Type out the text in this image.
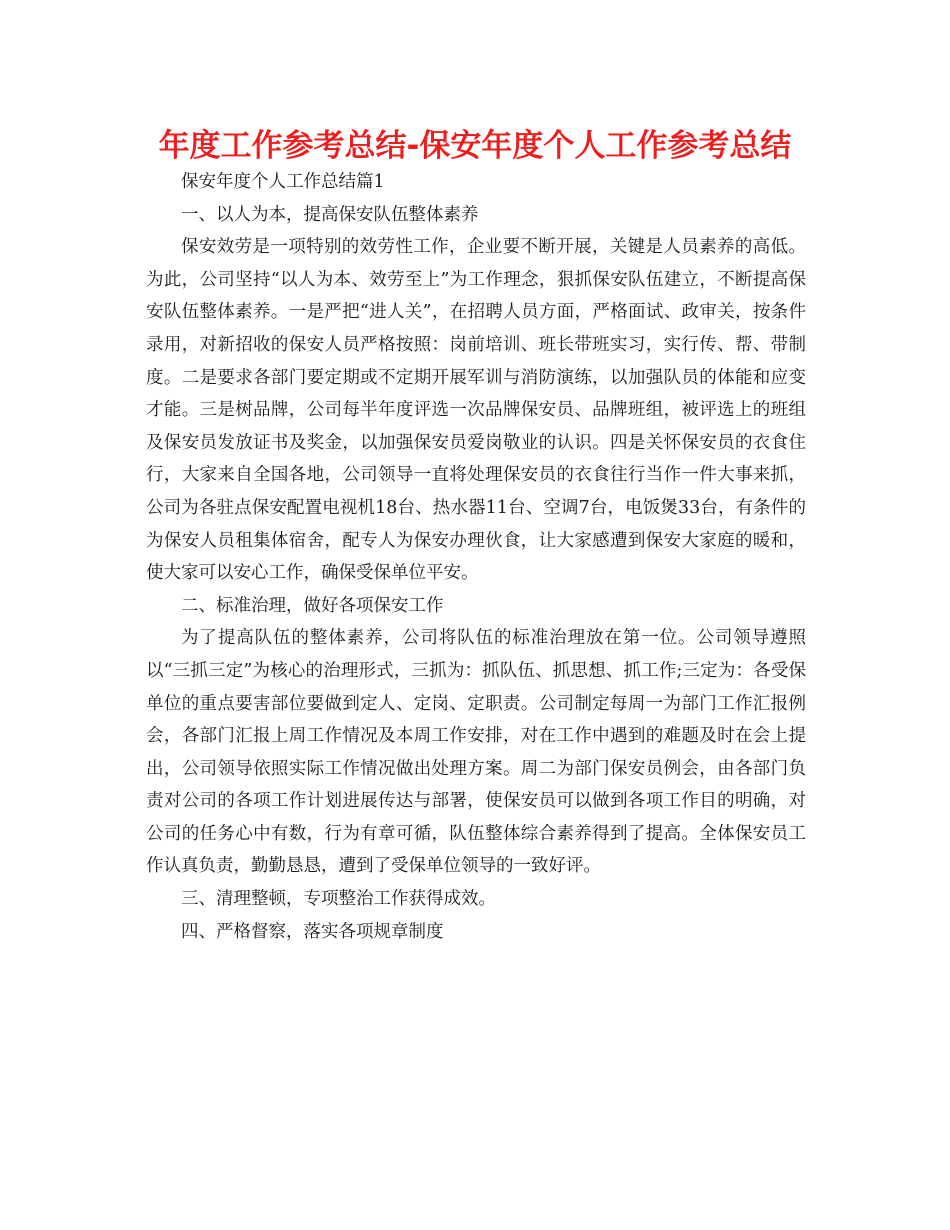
年度工作参考总结-保安年度个人工作参考总结

保安年度个人工作总结篇1

一、以人为本，提高保安队伍整体素养

保安效劳是一项特别的效劳性工作，企业要不断开展，关键是人员素养的高低。为此，公司坚持“以人为本、效劳至上”为工作理念，狠抓保安队伍建立，不断提高保安队伍整体素养。一是严把“进人关”，在招聘人员方面，严格面试、政审关，按条件录用，对新招收的保安人员严格按照：岗前培训、班长带班实习，实行传、帮、带制度。二是要求各部门要定期或不定期开展军训与消防演练，以加强队员的体能和应变才能。三是树品牌，公司每半年度评选一次品牌保安员、品牌班组，被评选上的班组及保安员发放证书及奖金，以加强保安员爱岗敬业的认识。四是关怀保安员的衣食住行，大家来自全国各地，公司领导一直将处理保安员的衣食往行当作一件大事来抓，公司为各驻点保安配置电视机18台、热水器11台、空调7台，电饭煲33台，有条件的为保安人员租集体宿舍，配专人为保安办理伙食，让大家感遭到保安大家庭的暖和，使大家可以安心工作，确保受保单位平安。

二、标准治理，做好各项保安工作

为了提高队伍的整体素养，公司将队伍的标准治理放在第一位。公司领导遵照以“三抓三定”为核心的治理形式，三抓为：抓队伍、抓思想、抓工作;三定为：各受保单位的重点要害部位要做到定人、定岗、定职责。公司制定每周一为部门工作汇报例会，各部门汇报上周工作情况及本周工作安排，对在工作中遇到的难题及时在会上提出，公司领导依照实际工作情况做出处理方案。周二为部门保安员例会，由各部门负责对公司的各项工作计划进展传达与部署，使保安员可以做到各项工作目的明确，对公司的任务心中有数，行为有章可循，队伍整体综合素养得到了提高。全体保安员工作认真负责，勤勤恳恳，遭到了受保单位领导的一致好评。

三、清理整顿，专项整治工作获得成效。

四、严格督察，落实各项规章制度
